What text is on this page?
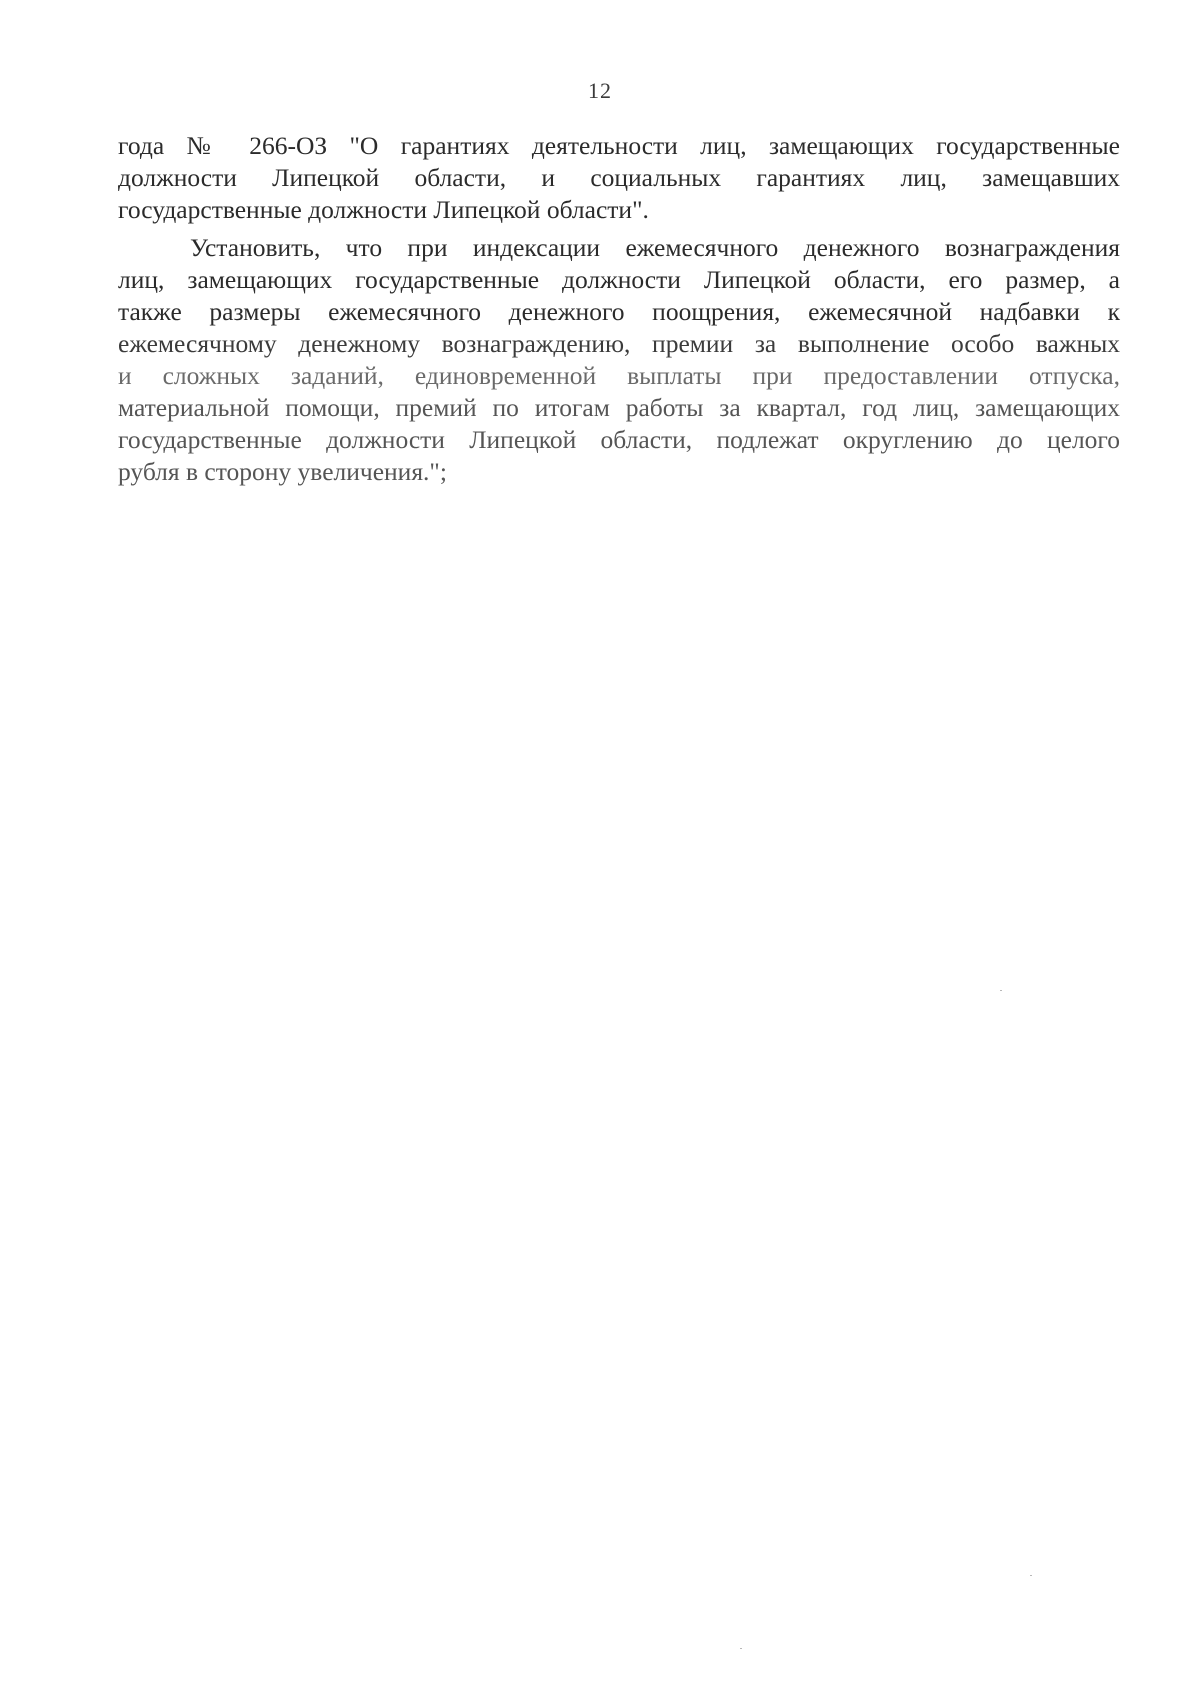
12
года № 266-ОЗ "О гарантиях деятельности лиц, замещающих государственные
должности Липецкой области, и социальных гарантиях лиц, замещавших
государственные должности Липецкой области".
Установить, что при индексации ежемесячного денежного вознаграждения
лиц, замещающих государственные должности Липецкой области, его размер, а
также размеры ежемесячного денежного поощрения, ежемесячной надбавки к
ежемесячному денежному вознаграждению, премии за выполнение особо важных
и сложных заданий, единовременной выплаты при предоставлении отпуска,
материальной помощи, премий по итогам работы за квартал, год лиц, замещающих
государственные должности Липецкой области, подлежат округлению до целого
рубля в сторону увеличения.";
